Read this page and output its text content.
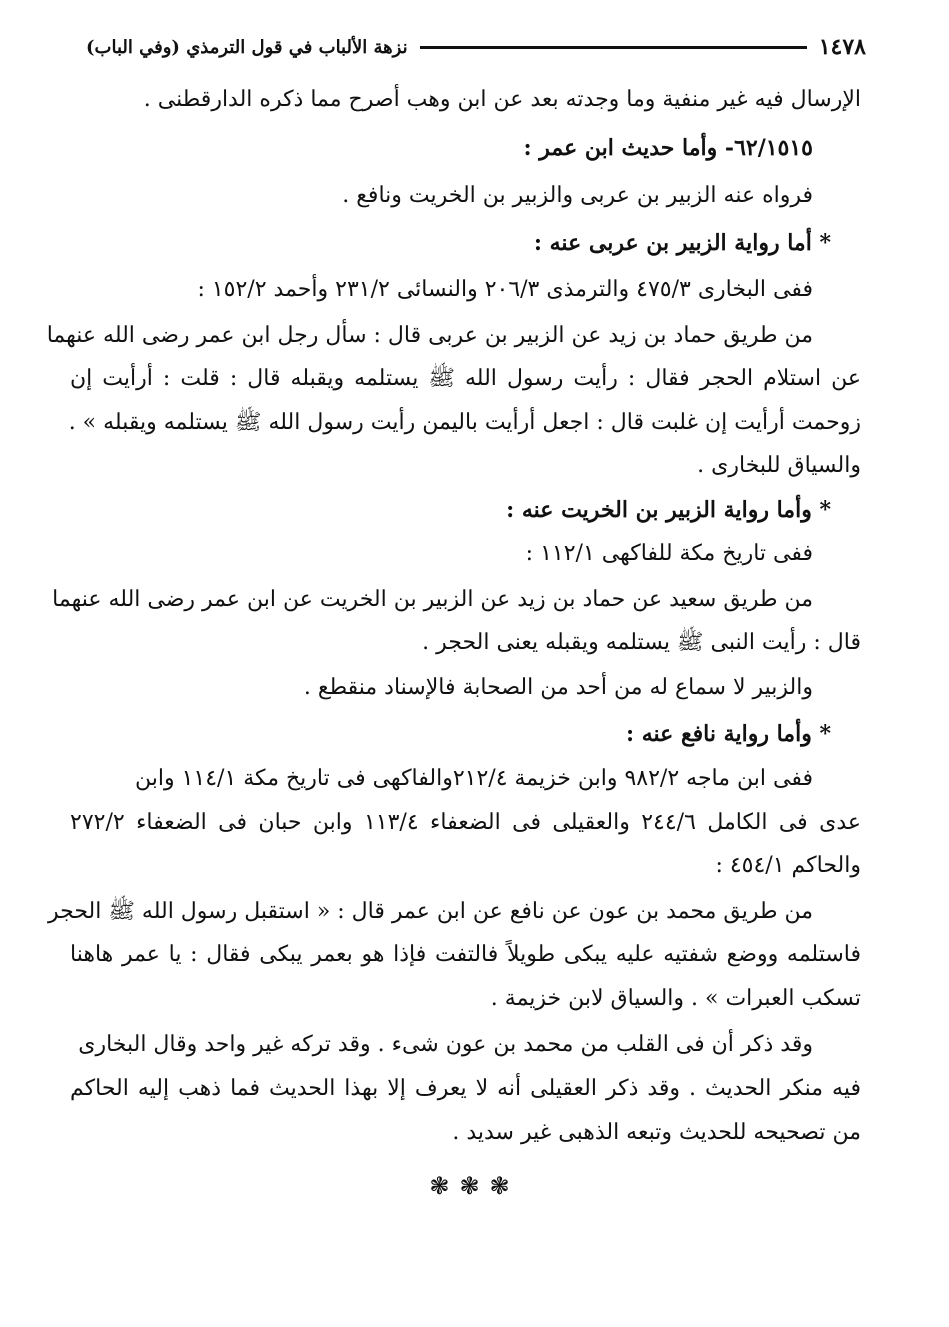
١٤٧٨
نزهة الألباب في قول الترمذي (وفي الباب)
الإرسال فيه غير منفية وما وجدته بعد عن ابن وهب أصرح مما ذكره الدارقطنى .
٦٢/١٥١٥- وأما حديث ابن عمر :
فرواه عنه الزبير بن عربى والزبير بن الخريت ونافع .
* أما رواية الزبير بن عربى عنه :
ففى البخارى ٤٧٥/٣ والترمذى ٢٠٦/٣ والنسائى ٢٣١/٢ وأحمد ١٥٢/٢ :
من طريق حماد بن زيد عن الزبير بن عربى قال : سأل رجل ابن عمر رضى الله عنهما
عن استلام الحجر فقال : رأيت رسول الله ﷺ يستلمه ويقبله قال : قلت : أرأيت إن
زوحمت أرأيت إن غلبت قال : اجعل أرأيت باليمن رأيت رسول الله ﷺ يستلمه ويقبله » .
والسياق للبخارى .
* وأما رواية الزبير بن الخريت عنه :
ففى تاريخ مكة للفاكهى ١١٢/١ :
من طريق سعيد عن حماد بن زيد عن الزبير بن الخريت عن ابن عمر رضى الله عنهما
قال : رأيت النبى ﷺ يستلمه ويقبله يعنى الحجر .
والزبير لا سماع له من أحد من الصحابة فالإسناد منقطع .
* وأما رواية نافع عنه :
ففى ابن ماجه ٩٨٢/٢ وابن خزيمة ٢١٢/٤والفاكهى فى تاريخ مكة ١١٤/١ وابن
عدى فى الكامل ٢٤٤/٦ والعقيلى فى الضعفاء ١١٣/٤ وابن حبان فى الضعفاء ٢٧٢/٢
والحاكم ٤٥٤/١ :
من طريق محمد بن عون عن نافع عن ابن عمر قال : « استقبل رسول الله ﷺ الحجر
فاستلمه ووضع شفتيه عليه يبكى طويلاً فالتفت فإذا هو بعمر يبكى فقال : يا عمر هاهنا
تسكب العبرات » . والسياق لابن خزيمة .
وقد ذكر أن فى القلب من محمد بن عون شىء . وقد تركه غير واحد وقال البخارى
فيه منكر الحديث . وقد ذكر العقيلى أنه لا يعرف إلا بهذا الحديث فما ذهب إليه الحاكم
من تصحيحه للحديث وتبعه الذهبى غير سديد .
❃❃❃
